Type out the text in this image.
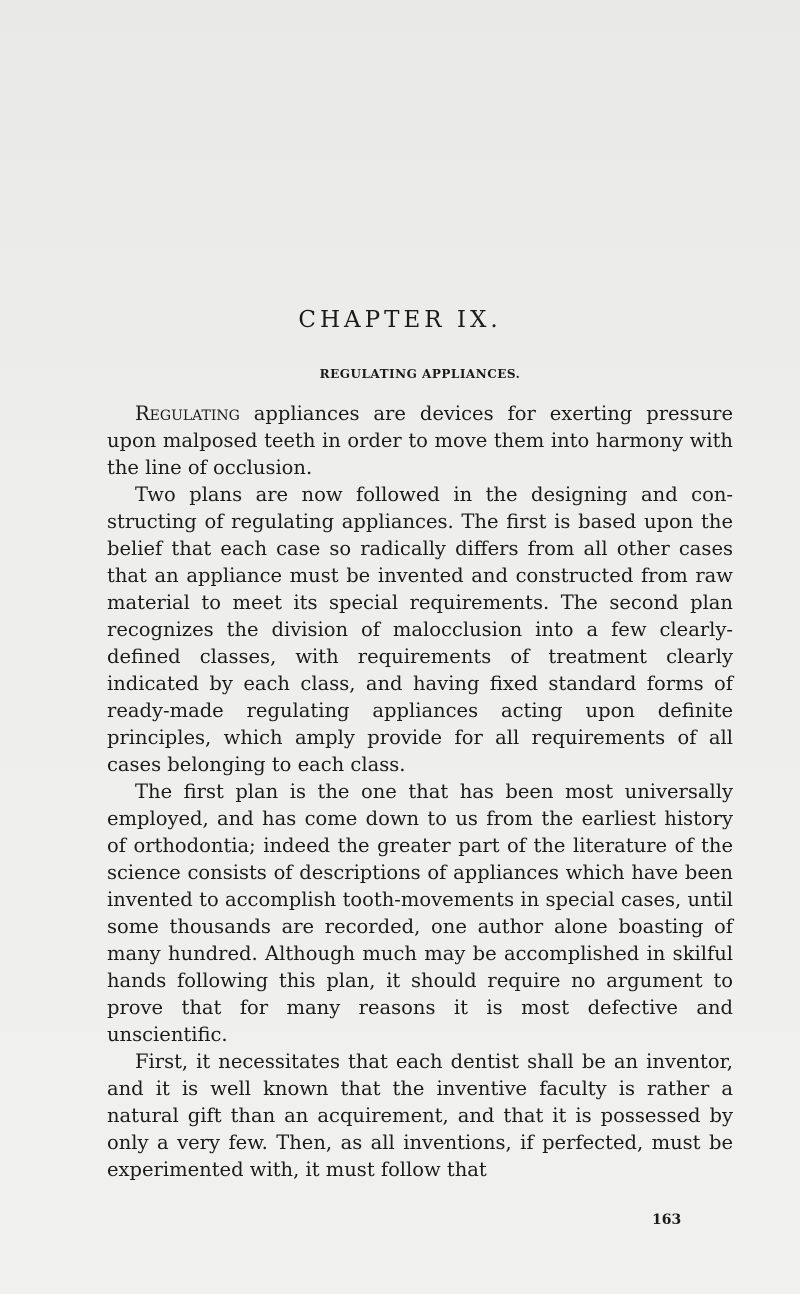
CHAPTER IX.
REGULATING APPLIANCES.

Regulating appliances are devices for exerting pressure upon malposed teeth in order to move them into harmony with the line of occlusion.

Two plans are now followed in the designing and constructing of regulating appliances. The first is based upon the belief that each case so radically differs from all other cases that an appliance must be invented and constructed from raw material to meet its special requirements. The second plan recognizes the division of malocclusion into a few clearly-defined classes, with requirements of treatment clearly indicated by each class, and having fixed standard forms of ready-made regulating appliances acting upon definite principles, which amply provide for all requirements of all cases belonging to each class.

The first plan is the one that has been most universally employed, and has come down to us from the earliest history of orthodontia; indeed the greater part of the literature of the science consists of descriptions of appliances which have been invented to accomplish tooth-movements in special cases, until some thousands are recorded, one author alone boasting of many hundred. Although much may be accomplished in skilful hands following this plan, it should require no argument to prove that for many reasons it is most defective and unscientific.

First, it necessitates that each dentist shall be an inventor, and it is well known that the inventive faculty is rather a natural gift than an acquirement, and that it is possessed by only a very few. Then, as all inventions, if perfected, must be experimented with, it must follow that

163
